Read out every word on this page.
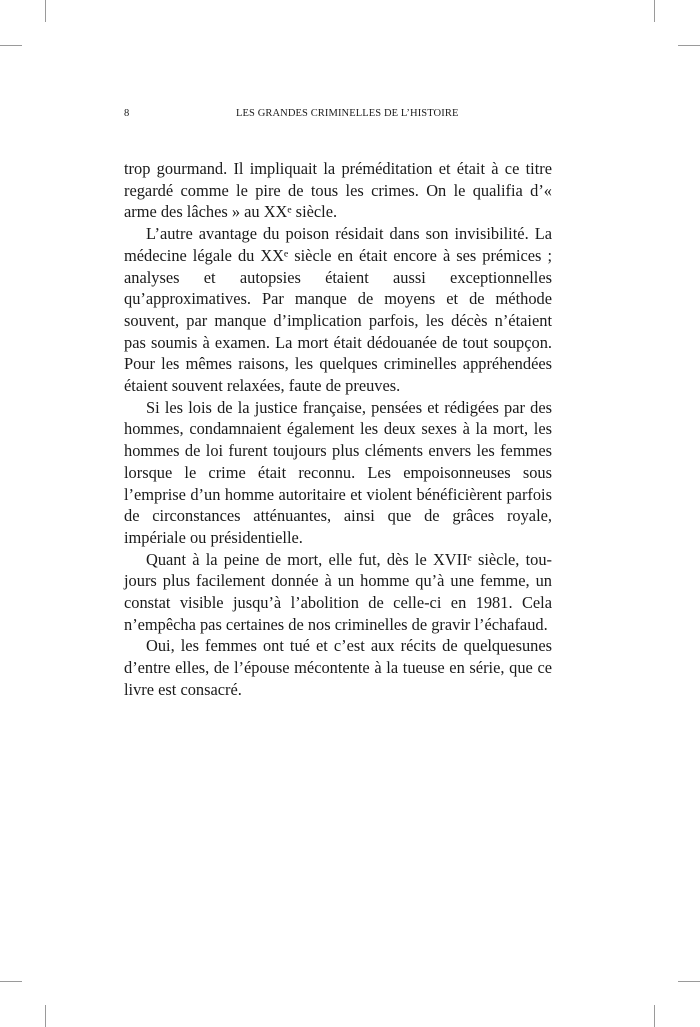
8	LES GRANDES CRIMINELLES DE L’HISTOIRE

trop gourmand. Il impliquait la préméditation et était à ce titre regardé comme le pire de tous les crimes. On le qualifia d’« arme des lâches » au XXᵉ siècle.

L’autre avantage du poison résidait dans son invisibilité. La médecine légale du XXᵉ siècle en était encore à ses prémices ; analyses et autopsies étaient aussi exceptionnelles qu’approximatives. Par manque de moyens et de méthode souvent, par manque d’implication parfois, les décès n’étaient pas soumis à examen. La mort était dédouanée de tout soupçon. Pour les mêmes raisons, les quelques criminelles appréhendées étaient souvent relaxées, faute de preuves.

Si les lois de la justice française, pensées et rédigées par des hommes, condamnaient également les deux sexes à la mort, les hommes de loi furent toujours plus cléments envers les femmes lorsque le crime était reconnu. Les empoisonneuses sous l’emprise d’un homme autoritaire et violent bénéficièrent parfois de circonstances atténuantes, ainsi que de grâces royale, impériale ou présidentielle.

Quant à la peine de mort, elle fut, dès le XVIIᵉ siècle, toujours plus facilement donnée à un homme qu’à une femme, un constat visible jusqu’à l’abolition de celle-ci en 1981. Cela n’empêcha pas certaines de nos criminelles de gravir l’échafaud.

Oui, les femmes ont tué et c’est aux récits de quelquesunes d’entre elles, de l’épouse mécontente à la tueuse en série, que ce livre est consacré.
